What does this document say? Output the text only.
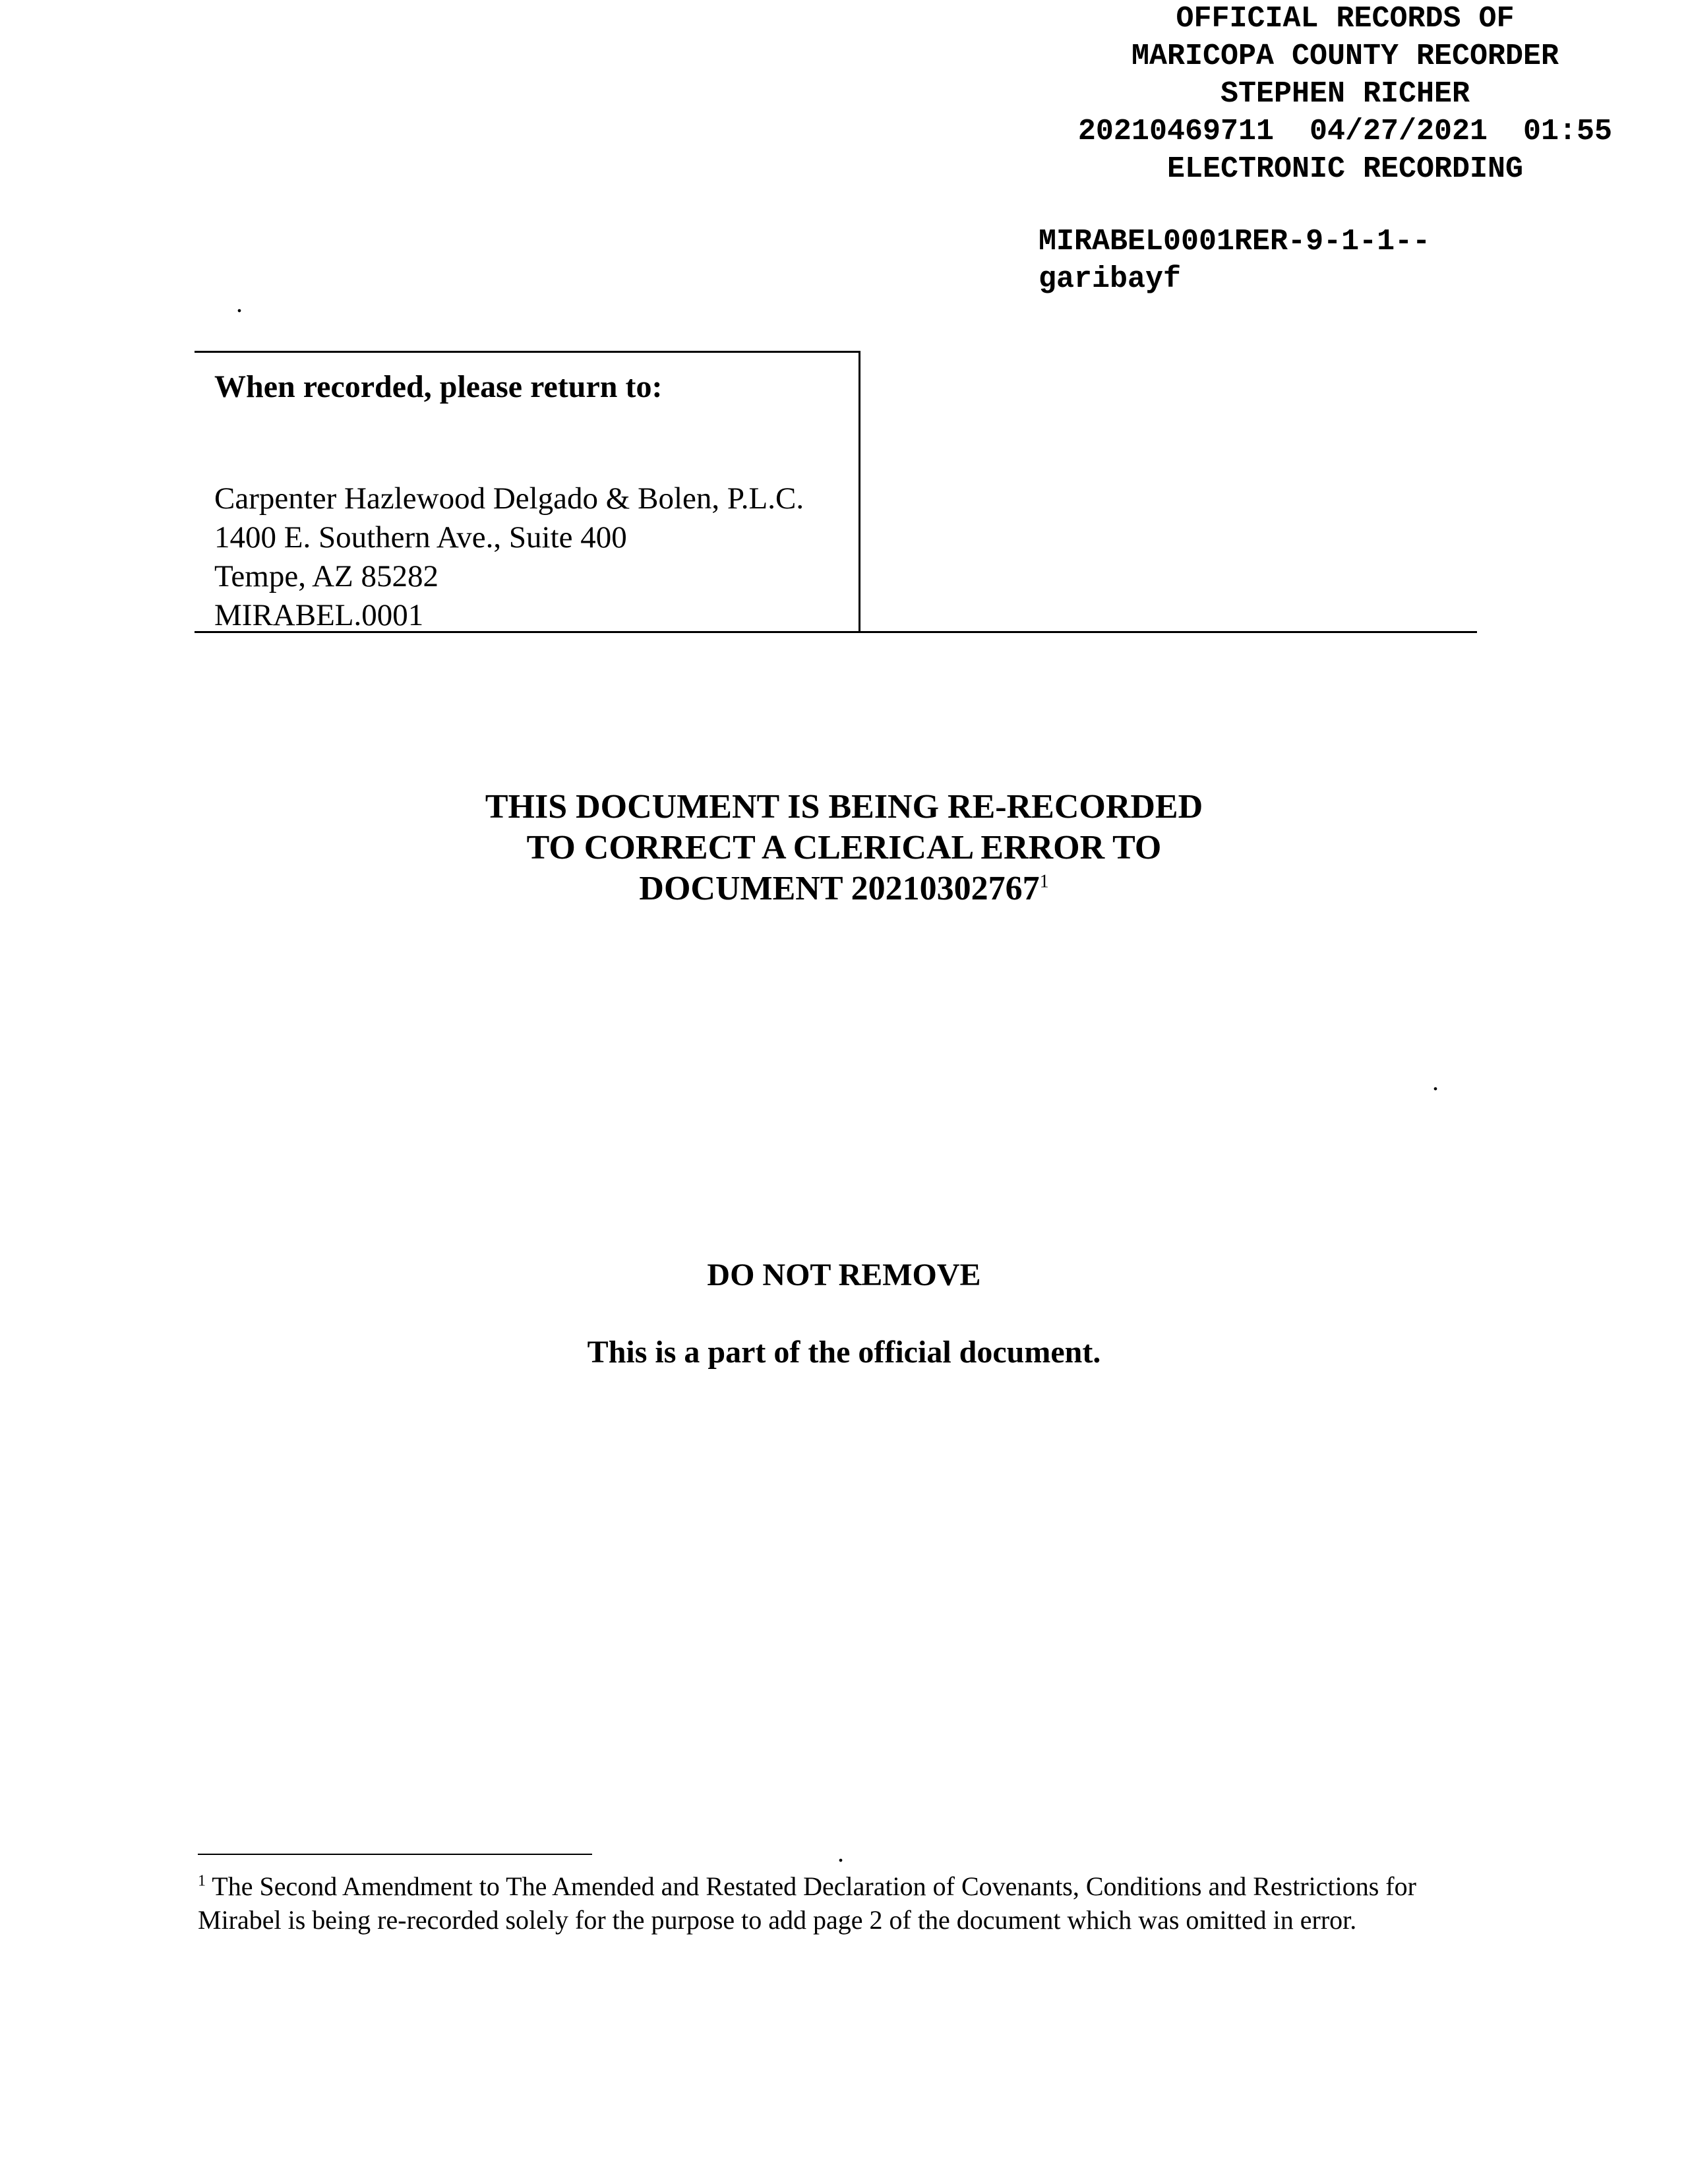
OFFICIAL RECORDS OF
MARICOPA COUNTY RECORDER
STEPHEN RICHER
20210469711  04/27/2021  01:55
ELECTRONIC RECORDING
MIRABEL0001RER-9-1-1--
garibayf
.
.
.
When recorded, please return to:
Carpenter Hazlewood Delgado & Bolen, P.L.C.
1400 E. Southern Ave., Suite 400
Tempe, AZ 85282
MIRABEL.0001
THIS DOCUMENT IS BEING RE-RECORDED
TO CORRECT A CLERICAL ERROR TO
DOCUMENT 20210302767$^1$
DO NOT REMOVE
This is a part of the official document.
$^1$ The Second Amendment to The Amended and Restated Declaration of Covenants, Conditions and Restrictions for Mirabel is being re-recorded solely for the purpose to add page 2 of the document which was omitted in error.
